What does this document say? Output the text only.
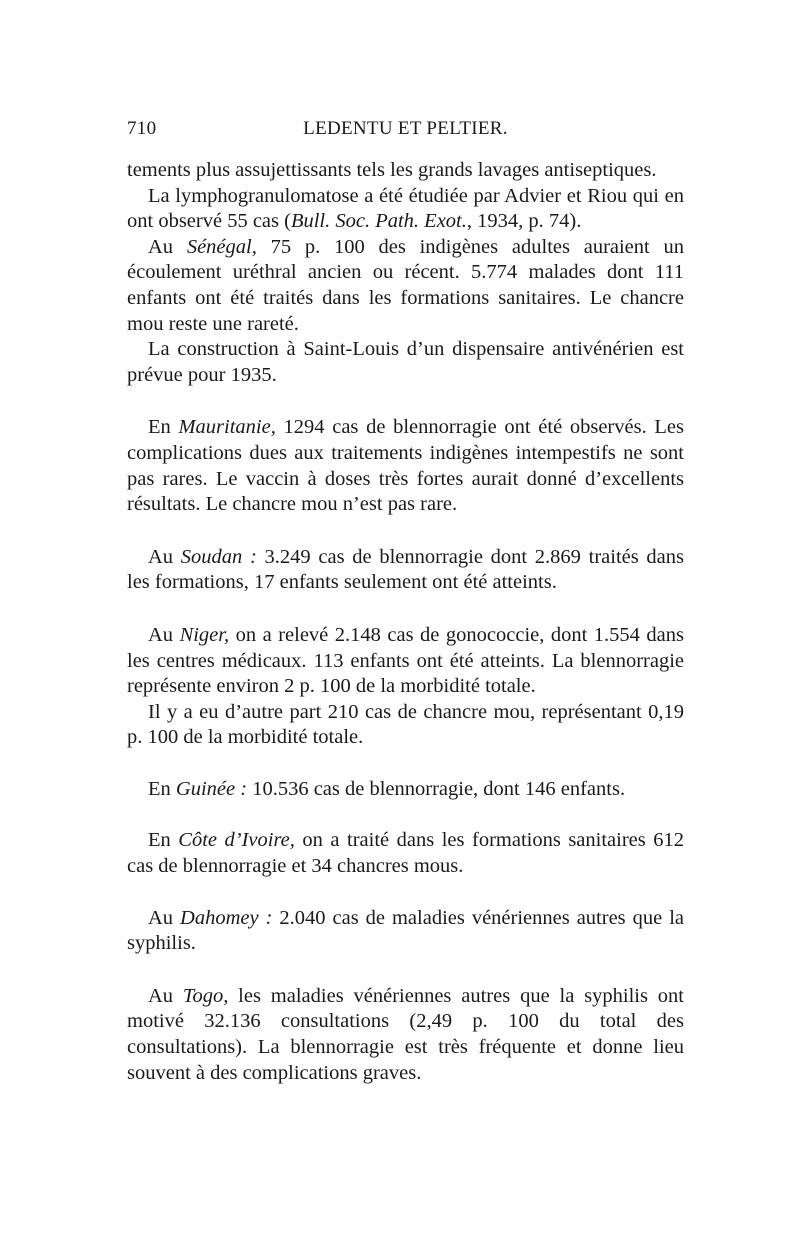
710	LEDENTU ET PELTIER.

tements plus assujettissants tels les grands lavages antiseptiques.

La lymphogranulomatose a été étudiée par Advier et Riou qui en ont observé 55 cas (Bull. Soc. Path. Exot., 1934, p. 74).

Au Sénégal, 75 p. 100 des indigènes adultes auraient un écoulement uréthral ancien ou récent. 5.774 malades dont 111 enfants ont été traités dans les formations sanitaires. Le chancre mou reste une rareté.

La construction à Saint-Louis d’un dispensaire antivénérien est prévue pour 1935.

En Mauritanie, 1294 cas de blennorragie ont été observés. Les complications dues aux traitements indigènes intempestifs ne sont pas rares. Le vaccin à doses très fortes aurait donné d’excellents résultats. Le chancre mou n’est pas rare.

Au Soudan : 3.249 cas de blennorragie dont 2.869 traités dans les formations, 17 enfants seulement ont été atteints.

Au Niger, on a relevé 2.148 cas de gonococcie, dont 1.554 dans les centres médicaux. 113 enfants ont été atteints. La blennorragie représente environ 2 p. 100 de la morbidité totale.

Il y a eu d’autre part 210 cas de chancre mou, représentant 0,19 p. 100 de la morbidité totale.

En Guinée : 10.536 cas de blennorragie, dont 146 enfants.

En Côte d’Ivoire, on a traité dans les formations sanitaires 612 cas de blennorragie et 34 chancres mous.

Au Dahomey : 2.040 cas de maladies vénériennes autres que la syphilis.

Au Togo, les maladies vénériennes autres que la syphilis ont motivé 32.136 consultations (2,49 p. 100 du total des consultations). La blennorragie est très fréquente et donne lieu souvent à des complications graves.
